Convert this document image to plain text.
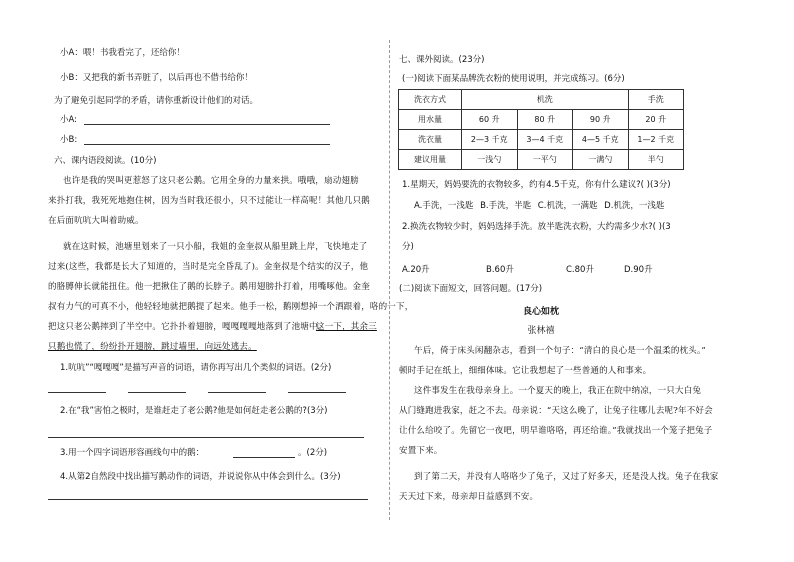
小A：喂！书我看完了，还给你！
小B：又把我的新书弄脏了，以后再也不借书给你！
为了避免引起同学的矛盾，请你重新设计他们的对话。
小A:
小B:
六、课内语段阅读。(10分)
也许是我的哭叫更惹怒了这只老公鹅。它用全身的力量来拱。哦哦，扇动翅膀
来扑打我，我死死地抱住树，因为当时我还很小，只不过能让一样高呢！其他几只鹅
在后面吭吭大叫着助威。
就在这时候，池塘里划来了一只小船，我姐的金奎叔从船里跳上岸，飞快地走了
过来(这些，我都是长大了知道的，当时是完全昏乱了)。金奎叔是个结实的汉子，他
的胳膊伸长就能扭住。他一把揪住了鹅的长脖子。鹅用翅膀扑打着，用嘴啄他。金奎
叔有力气的可真不小，他轻轻地就把鹅提了起来。他手一松，鹅刚想掉一个洒跟着，咯的一下，
把这只老公鹅摔到了半空中。它扑扑着翅膀，嘎嘎嘎嘎地落到了池塘中。
这一下，其余三
只鹅也慌了，纷纷扑开翅膀，跳过墙里，向远处逃去。
1.吭吭”“嘎嘎嘎”是描写声音的词语，请你再写出几个类似的词语。(2分)
2.在“我”害怕之极时，是谁赶走了老公鹅?他是如何赶走老公鹅的?(3分)
3.用一个四字词语形容画线句中的鹅：	。(2分)
4.从第2自然段中找出描写鹅动作的词语，并说说你从中体会到什么。(3分)
七、课外阅读。(23分)
(一)阅读下面某品牌洗衣粉的使用说明，并完成练习。(6分)
洗衣方式	机洗			手洗
用水量	60 升	80 升	90 升	20 升
洗衣量	2—3 千克	3—4 千克	4—5 千克	1—2 千克
建议用量	一浅勺	一平勺	一满勺	半勺
1.星期天，妈妈要洗的衣物较多，约有4.5千克，你有什么建议?( )(3分)
A.手洗，一浅匙 B.手洗，半匙 C.机洗，一满匙 D.机洗，一浅匙
2.换洗衣物较少时，妈妈选择手洗。放半匙洗衣粉，大约需多少水?( )(3
分)
A.20升	B.60升	C.80升	D.90升
(二)阅读下面短文，回答问题。(17分)
良心如枕
张林禧
午后，倚于床头闲翻杂志，看到一个句子：“清白的良心是一个温柔的枕头。”
顿时手记在纸上，细细体味。它让我想起了一些普通的人和事来。
这件事发生在我母亲身上。一个夏天的晚上，我正在院中纳凉，一只大白兔
从门缝跑进我家，赶之不去。母亲说：“天这么晚了，让兔子往哪儿去呢?年不好会
让什么给咬了。先留它一夜吧，明早谁咯咯，再还给谁。”我就找出一个笼子把兔子
安置下来。
到了第二天，并没有人咯咯少了兔子，又过了好多天，还是没人找。兔子在我家
天天过下来，母亲却日益感到不安。
